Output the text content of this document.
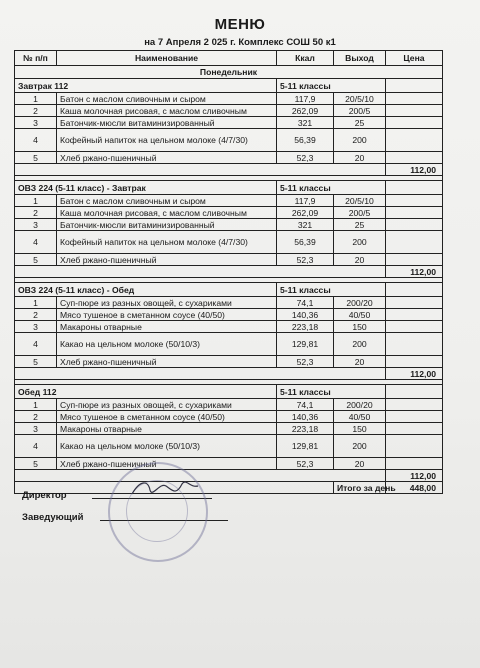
МЕНЮ
на 7 Апреля 2 025 г. Комплекс СОШ 50 к1
№ п/п	Наименование	Ккал	Выход	Цена
Понедельник				
Завтрак 112		5-11 классы		
1	Батон с маслом сливочным и сыром	117,9	20/5/10	
2	Каша молочная рисовая, с маслом сливочным	262,09	200/5	
3	Батончик-мюсли витаминизированный	321	25	
4	Кофейный напиток на цельном молоке (4/7/30)	56,39	200	
5	Хлеб ржано-пшеничный	52,3	20	
				112,00

ОВЗ 224 (5-11 класс) - Завтрак		5-11 классы		
1	Батон с маслом сливочным и сыром	117,9	20/5/10	
2	Каша молочная рисовая, с маслом сливочным	262,09	200/5	
3	Батончик-мюсли витаминизированный	321	25	
4	Кофейный напиток на цельном молоке (4/7/30)	56,39	200	
5	Хлеб ржано-пшеничный	52,3	20	
				112,00

ОВЗ 224 (5-11 класс) - Обед		5-11 классы		
1	Суп-пюре из разных овощей, с сухариками	74,1	200/20	
2	Мясо тушеное в сметанном соусе (40/50)	140,36	40/50	
3	Макароны отварные	223,18	150	
4	Какао на цельном молоке (50/10/3)	129,81	200	
5	Хлеб ржано-пшеничный	52,3	20	
				112,00

Обед 112		5-11 классы		
1	Суп-пюре из разных овощей, с сухариками	74,1	200/20	
2	Мясо тушеное в сметанном соусе (40/50)	140,36	40/50	
3	Макароны отварные	223,18	150	
4	Какао на цельном молоке (50/10/3)	129,81	200	
5	Хлеб ржано-пшеничный	52,3	20	
				112,00
			Итого за день	448,00
Директор
Заведующий
